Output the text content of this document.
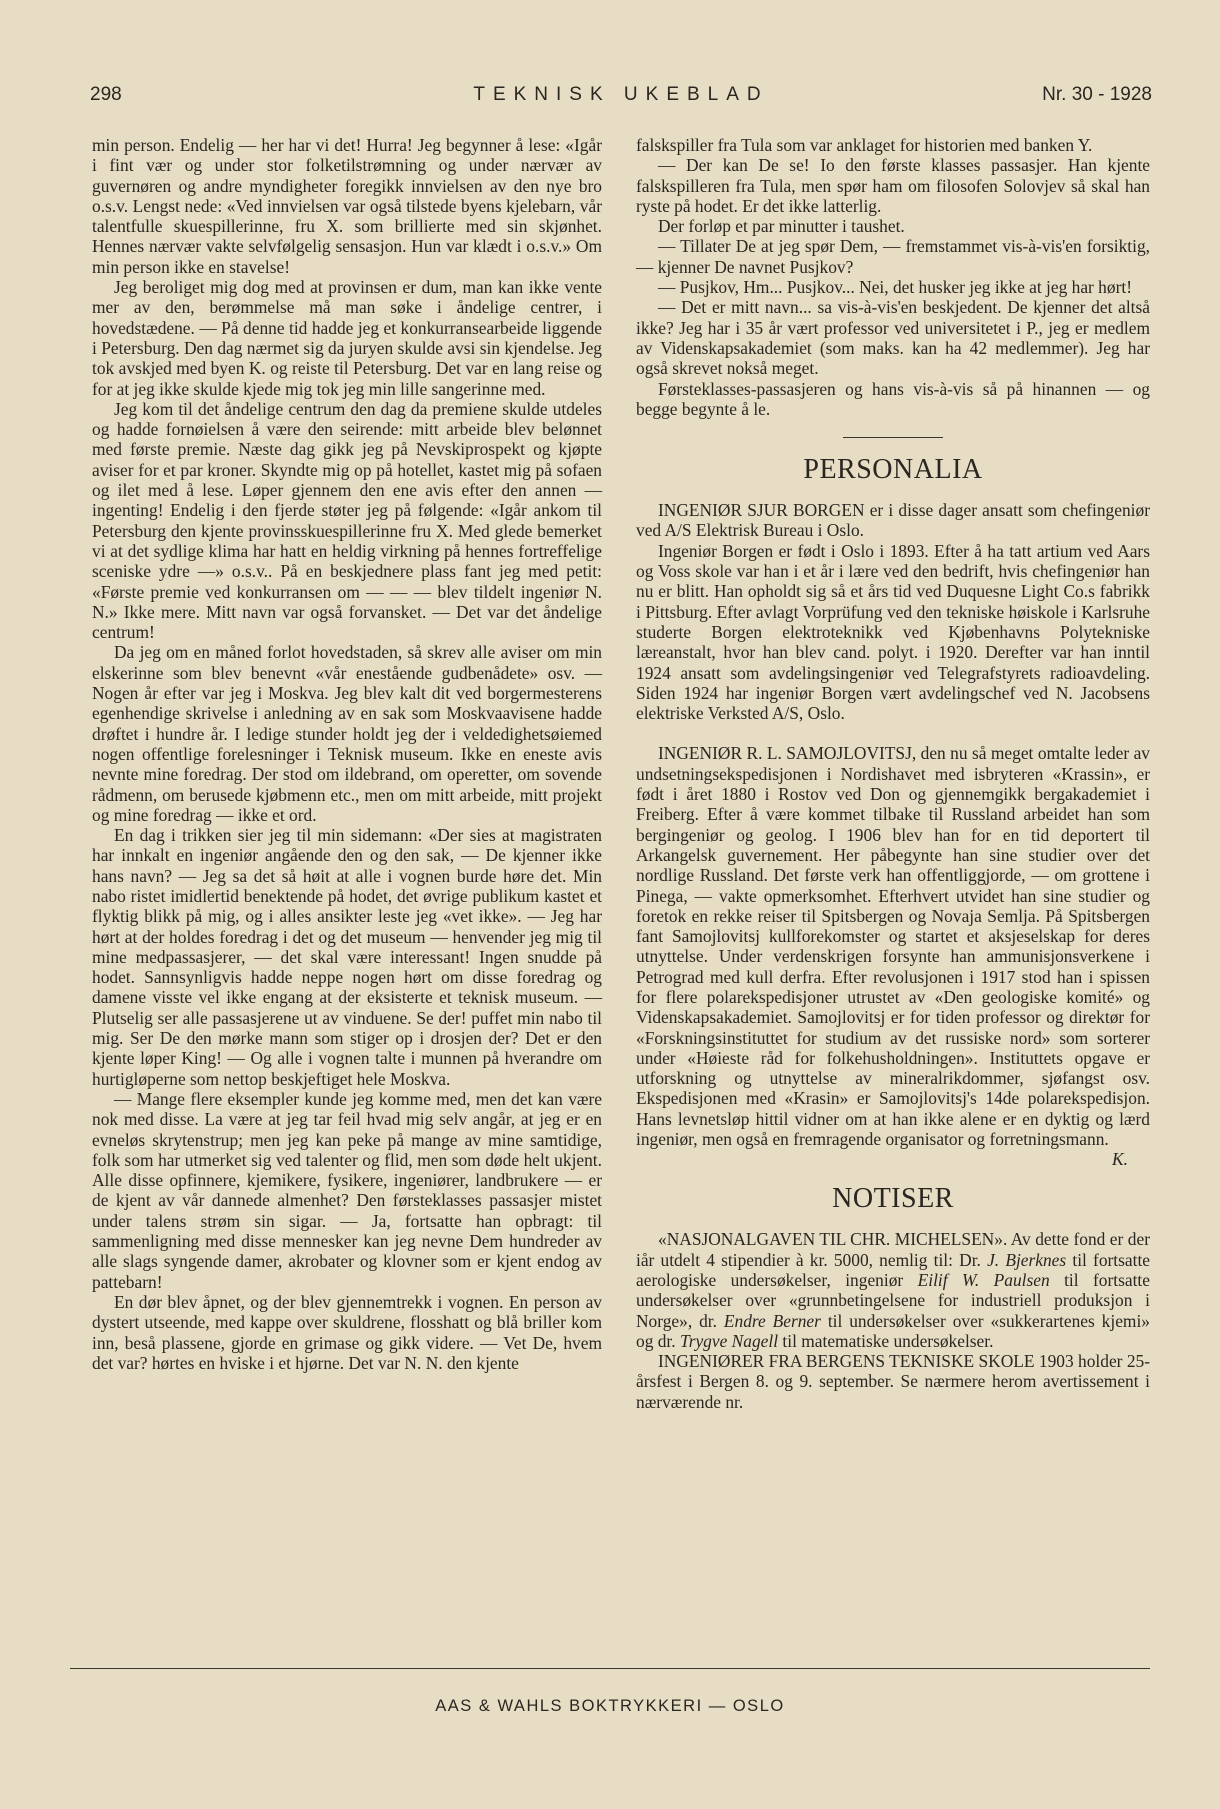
298	TEKNISK UKEBLAD	Nr. 30 - 1928

min person. Endelig — her har vi det! Hurra! Jeg begynner å lese: «Igår i fint vær og under stor folketilstrømning og under nærvær av guvernøren og andre myndigheter foregikk innvielsen av den nye bro o.s.v. Lengst nede: «Ved innvielsen var også tilstede byens kjelebarn, vår talentfulle skuespillerinne, fru X. som brillierte med sin skjønhet. Hennes nærvær vakte selvfølgelig sensasjon. Hun var klædt i o.s.v.» Om min person ikke en stavelse!

Jeg beroliget mig dog med at provinsen er dum, man kan ikke vente mer av den, berømmelse må man søke i åndelige centrer, i hovedstædene. — På denne tid hadde jeg et konkurransearbeide liggende i Petersburg. Den dag nærmet sig da juryen skulde avsi sin kjendelse. Jeg tok avskjed med byen K. og reiste til Petersburg. Det var en lang reise og for at jeg ikke skulde kjede mig tok jeg min lille sangerinne med.

Jeg kom til det åndelige centrum den dag da premiene skulde utdeles og hadde fornøielsen å være den seirende: mitt arbeide blev belønnet med første premie. Næste dag gikk jeg på Nevskiprospekt og kjøpte aviser for et par kroner. Skyndte mig op på hotellet, kastet mig på sofaen og ilet med å lese. Løper gjennem den ene avis efter den annen — ingenting! Endelig i den fjerde støter jeg på følgende: «Igår ankom til Petersburg den kjente provinsskuespillerinne fru X. Med glede bemerket vi at det sydlige klima har hatt en heldig virkning på hennes fortreffelige sceniske ydre —» o.s.v.. På en beskjednere plass fant jeg med petit: «Første premie ved konkurransen om — — — blev tildelt ingeniør N. N.» Ikke mere. Mitt navn var også forvansket. — Det var det åndelige centrum!

Da jeg om en måned forlot hovedstaden, så skrev alle aviser om min elskerinne som blev benevnt «vår enestående gudbenådete» osv. — Nogen år efter var jeg i Moskva. Jeg blev kalt dit ved borgermesterens egenhendige skrivelse i anledning av en sak som Moskvaavisene hadde drøftet i hundre år. I ledige stunder holdt jeg der i veldedighetsøiemed nogen offentlige forelesninger i Teknisk museum. Ikke en eneste avis nevnte mine foredrag. Der stod om ildebrand, om operetter, om sovende rådmenn, om berusede kjøbmenn etc., men om mitt arbeide, mitt projekt og mine foredrag — ikke et ord.

En dag i trikken sier jeg til min sidemann: «Der sies at magistraten har innkalt en ingeniør angående den og den sak, — De kjenner ikke hans navn? — Jeg sa det så høit at alle i vognen burde høre det. Min nabo ristet imidlertid benektende på hodet, det øvrige publikum kastet et flyktig blikk på mig, og i alles ansikter leste jeg «vet ikke». — Jeg har hørt at der holdes foredrag i det og det museum — henvender jeg mig til mine medpassasjerer, — det skal være interessant! Ingen snudde på hodet. Sannsynligvis hadde neppe nogen hørt om disse foredrag og damene visste vel ikke engang at der eksisterte et teknisk museum. — Plutselig ser alle passasjerene ut av vinduene. Se der! puffet min nabo til mig. Ser De den mørke mann som stiger op i drosjen der? Det er den kjente løper King! — Og alle i vognen talte i munnen på hverandre om hurtigløperne som nettop beskjeftiget hele Moskva.

— Mange flere eksempler kunde jeg komme med, men det kan være nok med disse. La være at jeg tar feil hvad mig selv angår, at jeg er en evneløs skrytenstrup; men jeg kan peke på mange av mine samtidige, folk som har utmerket sig ved talenter og flid, men som døde helt ukjent. Alle disse opfinnere, kjemikere, fysikere, ingeniører, landbrukere — er de kjent av vår dannede almenhet? Den førsteklasses passasjer mistet under talens strøm sin sigar. — Ja, fortsatte han opbragt: til sammenligning med disse mennesker kan jeg nevne Dem hundreder av alle slags syngende damer, akrobater og klovner som er kjent endog av pattebarn!

En dør blev åpnet, og der blev gjennemtrekk i vognen. En person av dystert utseende, med kappe over skuldrene, flosshatt og blå briller kom inn, beså plassene, gjorde en grimase og gikk videre. — Vet De, hvem det var? hørtes en hviske i et hjørne. Det var N. N. den kjente

falskspiller fra Tula som var anklaget for historien med banken Y.

— Der kan De se! Io den første klasses passasjer. Han kjente falskspilleren fra Tula, men spør ham om filosofen Solovjev så skal han ryste på hodet. Er det ikke latterlig.

Der forløp et par minutter i taushet.

— Tillater De at jeg spør Dem, — fremstammet vis-à-vis'en forsiktig, — kjenner De navnet Pusjkov?

— Pusjkov, Hm... Pusjkov... Nei, det husker jeg ikke at jeg har hørt!

— Det er mitt navn... sa vis-à-vis'en beskjedent. De kjenner det altså ikke? Jeg har i 35 år vært professor ved universitetet i P., jeg er medlem av Videnskapsakademiet (som maks. kan ha 42 medlemmer). Jeg har også skrevet nokså meget.

Førsteklasses-passasjeren og hans vis-à-vis så på hinannen — og begge begynte å le.

PERSONALIA

INGENIØR SJUR BORGEN er i disse dager ansatt som chefingeniør ved A/S Elektrisk Bureau i Oslo.

Ingeniør Borgen er født i Oslo i 1893. Efter å ha tatt artium ved Aars og Voss skole var han i et år i lære ved den bedrift, hvis chefingeniør han nu er blitt. Han opholdt sig så et års tid ved Duquesne Light Co.s fabrikk i Pittsburg. Efter avlagt Vorprüfung ved den tekniske høiskole i Karlsruhe studerte Borgen elektroteknikk ved Kjøbenhavns Polytekniske læreanstalt, hvor han blev cand. polyt. i 1920. Derefter var han inntil 1924 ansatt som avdelingsingeniør ved Telegrafstyrets radioavdeling. Siden 1924 har ingeniør Borgen vært avdelingschef ved N. Jacobsens elektriske Verksted A/S, Oslo.

INGENIØR R. L. SAMOJLOVITSJ, den nu så meget omtalte leder av undsetningsekspedisjonen i Nordishavet med isbryteren «Krassin», er født i året 1880 i Rostov ved Don og gjennemgikk bergakademiet i Freiberg. Efter å være kommet tilbake til Russland arbeidet han som bergingeniør og geolog. I 1906 blev han for en tid deportert til Arkangelsk guvernement. Her påbegynte han sine studier over det nordlige Russland. Det første verk han offentliggjorde, — om grottene i Pinega, — vakte opmerksomhet. Efterhvert utvidet han sine studier og foretok en rekke reiser til Spitsbergen og Novaja Semlja. På Spitsbergen fant Samojlovitsj kullforekomster og startet et aksjeselskap for deres utnyttelse. Under verdenskrigen forsynte han ammunisjonsverkene i Petrograd med kull derfra. Efter revolusjonen i 1917 stod han i spissen for flere polarekspedisjoner utrustet av «Den geologiske komité» og Videnskapsakademiet. Samojlovitsj er for tiden professor og direktør for «Forskningsinstituttet for studium av det russiske nord» som sorterer under «Høieste råd for folkehusholdningen». Instituttets opgave er utforskning og utnyttelse av mineralrikdommer, sjøfangst osv. Ekspedisjonen med «Krasin» er Samojlovitsj's 14de polarekspedisjon. Hans levnetsløp hittil vidner om at han ikke alene er en dyktig og lærd ingeniør, men også en fremragende organisator og forretningsmann.
K.

NOTISER

«NASJONALGAVEN TIL CHR. MICHELSEN». Av dette fond er der iår utdelt 4 stipendier à kr. 5000, nemlig til: Dr. J. Bjerknes til fortsatte aerologiske undersøkelser, ingeniør Eilif W. Paulsen til fortsatte undersøkelser over «grunnbetingelsene for industriell produksjon i Norge», dr. Endre Berner til undersøkelser over «sukkerartenes kjemi» og dr. Trygve Nagell til matematiske undersøkelser.

INGENIØRER FRA BERGENS TEKNISKE SKOLE 1903 holder 25-årsfest i Bergen 8. og 9. september. Se nærmere herom avertissement i nærværende nr.

AAS & WAHLS BOKTRYKKERI — OSLO
